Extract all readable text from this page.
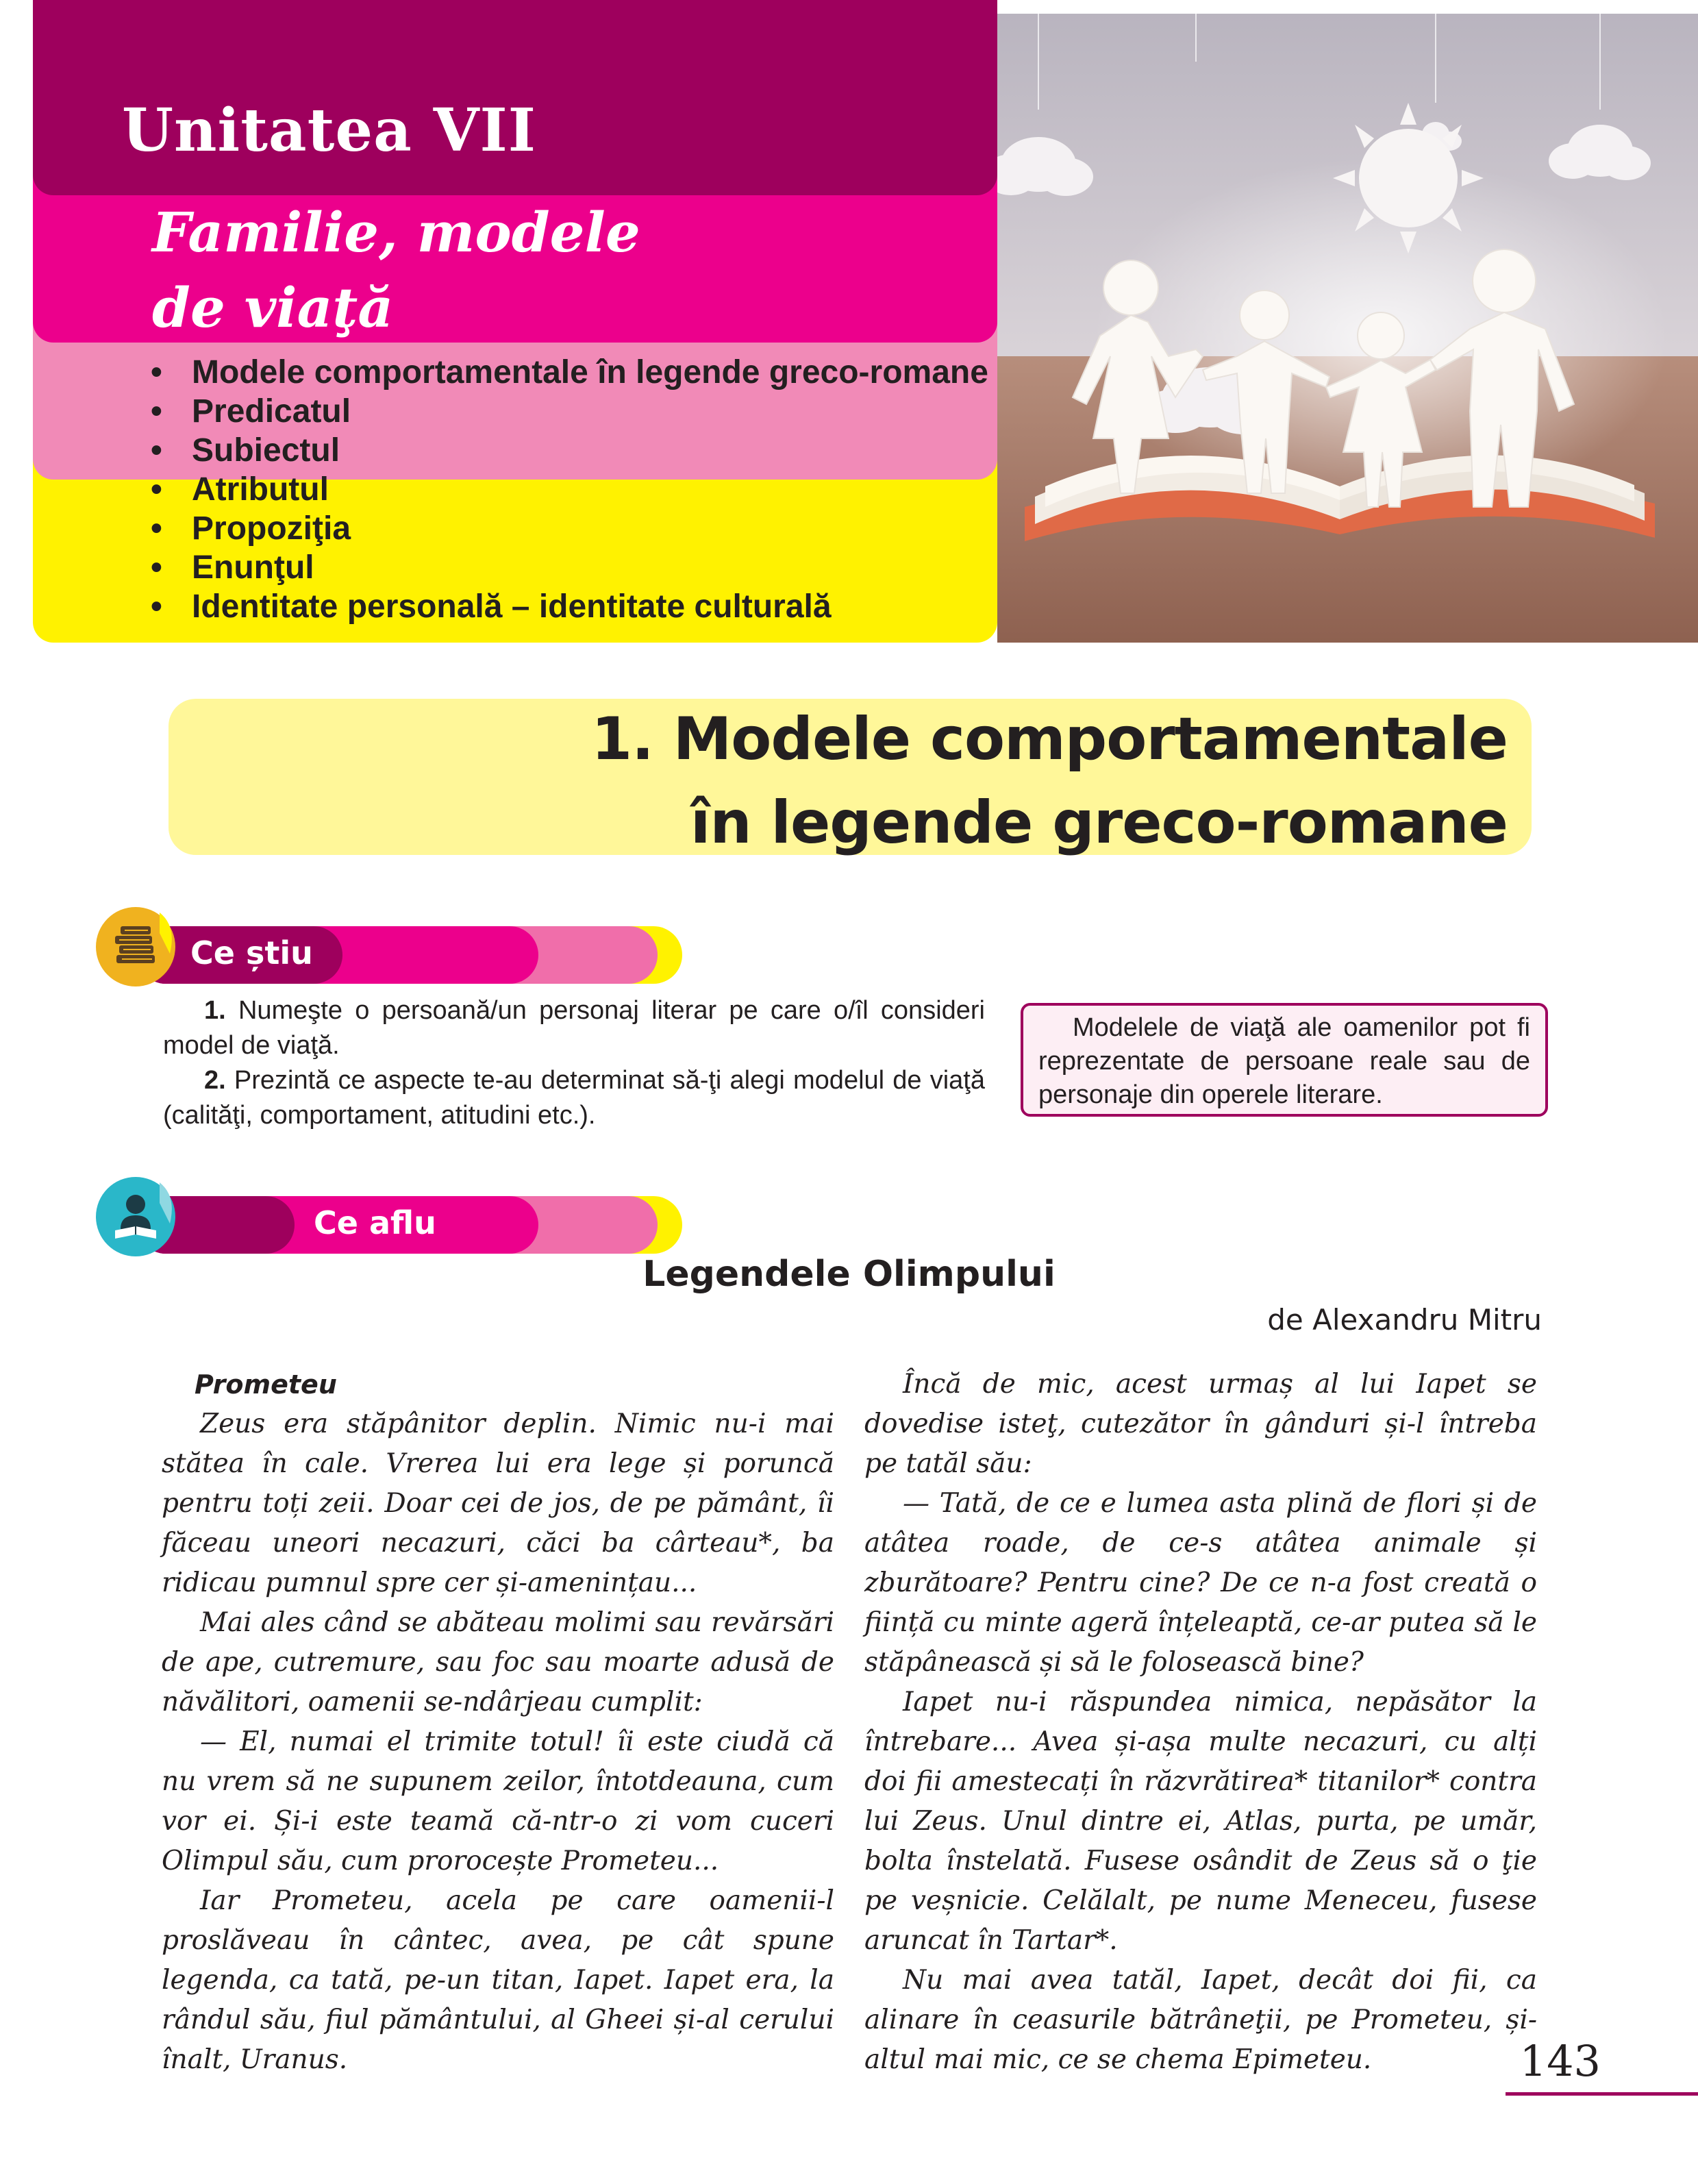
Unitatea VII
Familie, modele
de viaţă
• Modele comportamentale în legende greco-romane
• Predicatul
• Subiectul
• Atributul
• Propoziţia
• Enunţul
• Identitate personală – identitate culturală
1. Modele comportamentale
în legende greco-romane
Ce știu

1. Numeşte o persoană/un personaj literar pe care o/îl consideri model de viaţă.

2. Prezintă ce aspecte te-au determinat să-ţi alegi modelul de viaţă (calităţi, comportament, atitudini etc.).

Modelele de viaţă ale oamenilor pot fi reprezentate de persoane reale sau de personaje din operele literare.

Ce aflu
Legendele Olimpului
de Alexandru Mitru

Prometeu

Zeus era stăpânitor deplin. Nimic nu-i mai stătea în cale. Vrerea lui era lege și poruncă pentru toți zeii. Doar cei de jos, de pe pământ, îi făceau uneori necazuri, căci ba cârteau*, ba ridicau pumnul spre cer și-amenințau...

Mai ales când se abăteau molimi sau revărsări de ape, cutremure, sau foc sau moarte adusă de năvălitori, oamenii se-ndârjeau cumplit:

— El, numai el trimite totul! îi este ciudă că nu vrem să ne supunem zeilor, întotdeauna, cum vor ei. Și-i este teamă că-ntr-o zi vom cuceri Olimpul său, cum prorocește Prometeu...

Iar Prometeu, acela pe care oamenii-l proslăveau în cântec, avea, pe cât spune legenda, ca tată, pe-un titan, Iapet. Iapet era, la rândul său, fiul pământului, al Gheei și-al cerului înalt, Uranus.

Încă de mic, acest urmaș al lui Iapet se dovedise isteţ, cutezător în gânduri și-l întreba pe tatăl său:

— Tată, de ce e lumea asta plină de flori și de atâtea roade, de ce-s atâtea animale și zburătoare? Pentru cine? De ce n-a fost creată o ființă cu minte ageră înțeleaptă, ce-ar putea să le stăpânească și să le folosească bine?

Iapet nu-i răspundea nimica, nepăsător la întrebare... Avea și-așa multe necazuri, cu alți doi fii amestecați în răzvrătirea* titanilor* contra lui Zeus. Unul dintre ei, Atlas, purta, pe umăr, bolta înstelată. Fusese osândit de Zeus să o ţie pe veșnicie. Celălalt, pe nume Meneceu, fusese aruncat în Tartar*.

Nu mai avea tatăl, Iapet, decât doi fii, ca alinare în ceasurile bătrâneţii, pe Prometeu, și-altul mai mic, ce se chema Epimeteu.	143
